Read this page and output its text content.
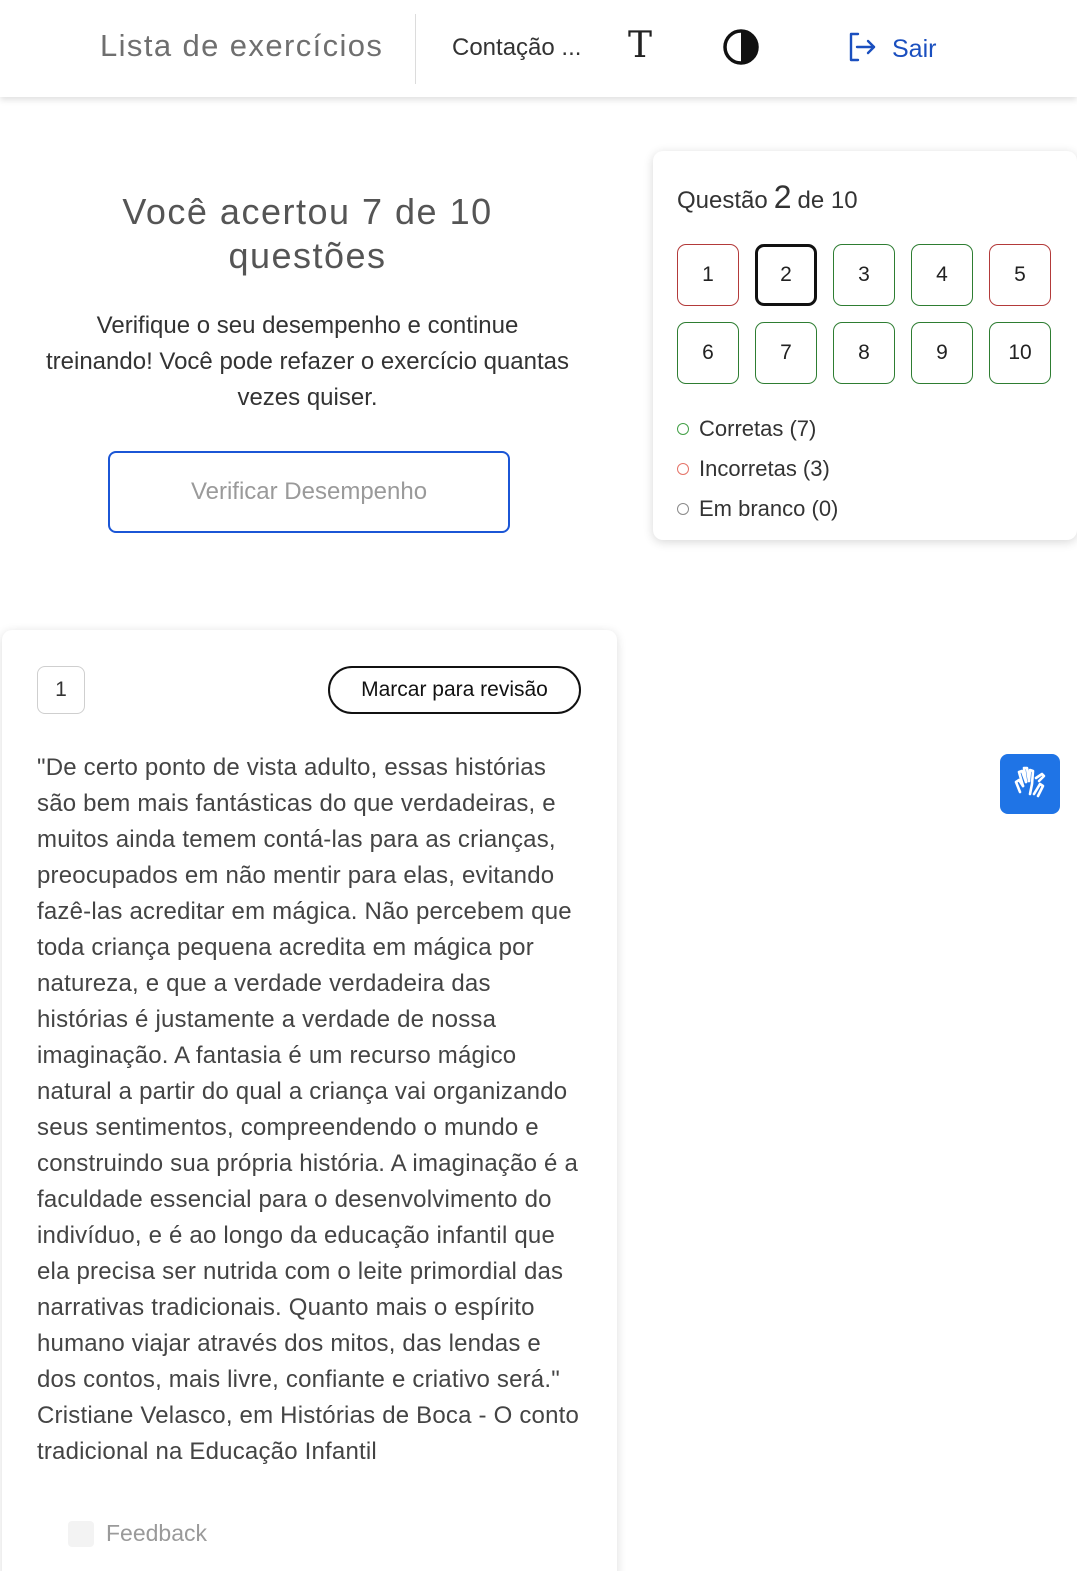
Lista de exercícios	Contação ... T	Sair
Você acertou 7 de 10 questões
Verifique o seu desempenho e continue treinando! Você pode refazer o exercício quantas vezes quiser.
Verificar Desempenho
Questão 2 de 10
1	2	3	4	5
6	7	8	9	10
Corretas (7)
Incorretas (3)
Em branco (0)
1	Marcar para revisão
"De certo ponto de vista adulto, essas histórias são bem mais fantásticas do que verdadeiras, e muitos ainda temem contá-las para as crianças, preocupados em não mentir para elas, evitando fazê-las acreditar em mágica. Não percebem que toda criança pequena acredita em mágica por natureza, e que a verdade verdadeira das histórias é justamente a verdade de nossa imaginação. A fantasia é um recurso mágico natural a partir do qual a criança vai organizando seus sentimentos, compreendendo o mundo e construindo sua própria história. A imaginação é a faculdade essencial para o desenvolvimento do indivíduo, e é ao longo da educação infantil que ela precisa ser nutrida com o leite primordial das narrativas tradicionais. Quanto mais o espírito humano viajar através dos mitos, das lendas e dos contos, mais livre, confiante e criativo será." Cristiane Velasco, em Histórias de Boca - O conto tradicional na Educação Infantil
Feedback
